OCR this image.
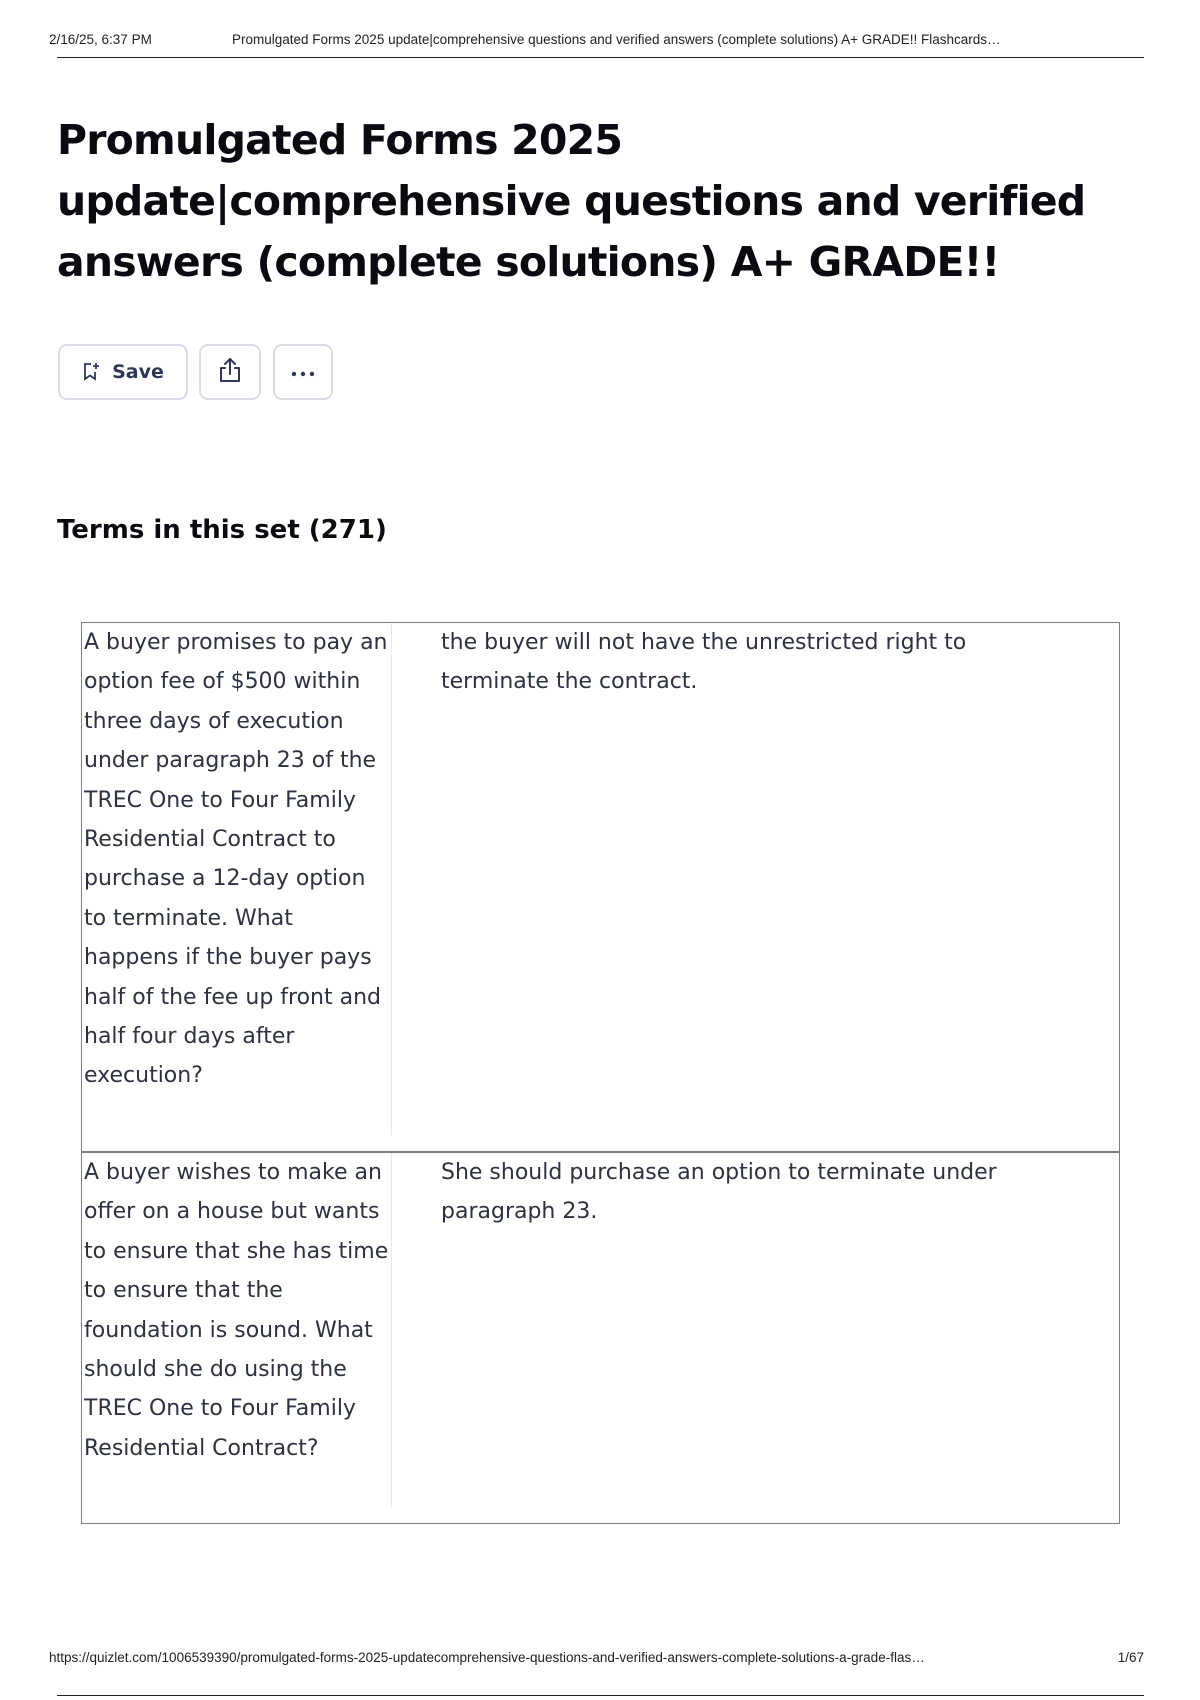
2/16/25, 6:37 PM	Promulgated Forms 2025 update|comprehensive questions and verified answers (complete solutions) A+ GRADE!! Flashcards…
Promulgated Forms 2025 update|comprehensive questions and verified answers (complete solutions) A+ GRADE!!
Save
Terms in this set (271)
A buyer promises to pay an option fee of $500 within three days of execution under paragraph 23 of the TREC One to Four Family Residential Contract to purchase a 12-day option to terminate. What happens if the buyer pays half of the fee up front and half four days after execution?
the buyer will not have the unrestricted right to terminate the contract.
A buyer wishes to make an offer on a house but wants to ensure that she has time to ensure that the foundation is sound. What should she do using the TREC One to Four Family Residential Contract?
She should purchase an option to terminate under paragraph 23.
https://quizlet.com/1006539390/promulgated-forms-2025-updatecomprehensive-questions-and-verified-answers-complete-solutions-a-grade-flas…	1/67
